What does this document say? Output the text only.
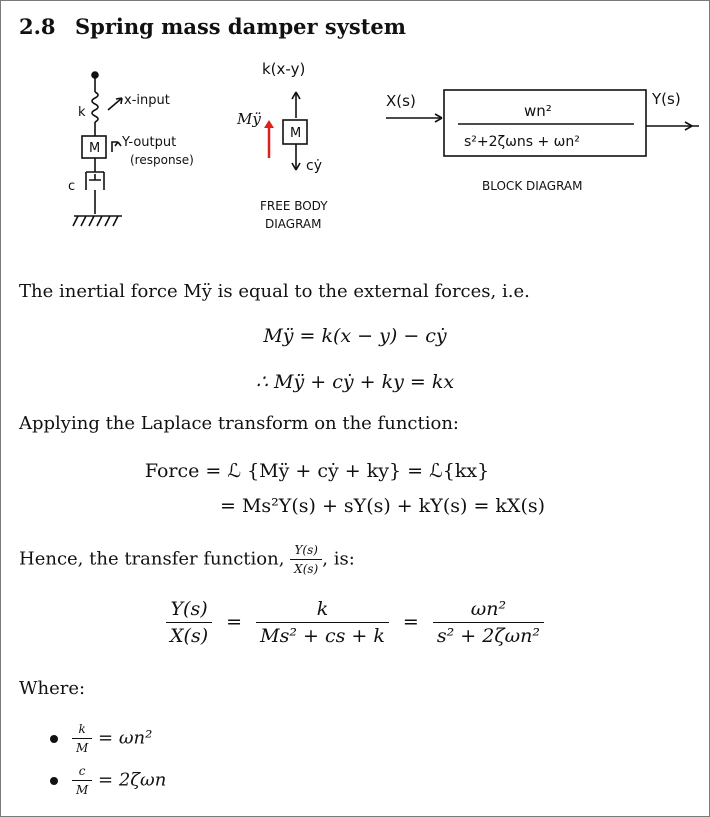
2.8 Spring mass damper system
k
x-input
M Y-output
(response)
c
k(x-y)
Mÿ
M
cẏ
FREE BODY
DIAGRAM
X(s)	Y(s)
wn²
s²+2ζωns + ωn²
BLOCK DIAGRAM
The inertial force Mÿ is equal to the external forces, i.e.
Mÿ = k(x − y) − cẏ
∴ Mÿ + cẏ + ky = kx
Applying the Laplace transform on the function:
Force = ℒ {Mÿ + cẏ + ky} = ℒ{kx}
= Ms²Y(s) + sY(s) + kY(s) = kX(s)
Hence, the transfer function, $\frac{Y(s)}{X(s)}$ , is:
$\frac{Y(s)}{X(s)} = \frac{k}{\text{Ms² + cs + k}} = \frac{\text{ωn²}}{\text{s² + 2ζωn²}}$
Where:
$\frac{k}{M} = \omega n^2$
$\frac{c}{M} = 2\zeta\omega n$
